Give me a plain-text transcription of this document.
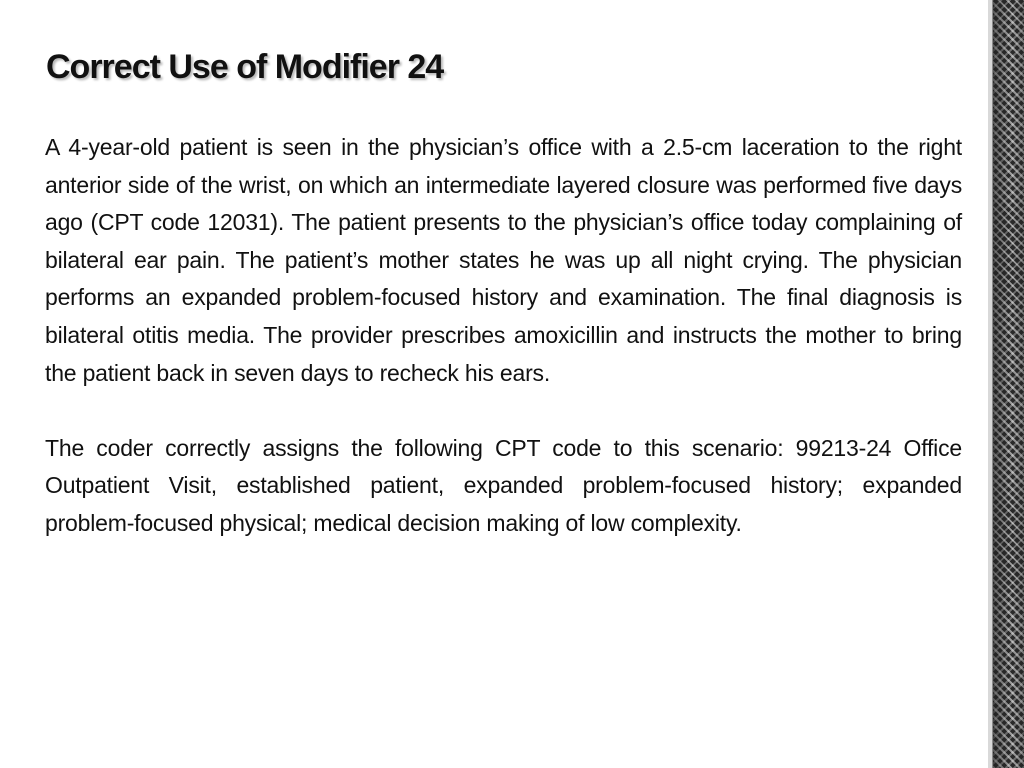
Correct Use of Modifier 24

A 4-year-old patient is seen in the physician’s office with a 2.5-cm laceration to the right anterior side of the wrist, on which an intermediate layered closure was performed five days ago (CPT code 12031). The patient presents to the physician’s office today complaining of bilateral ear pain. The patient’s mother states he was up all night crying. The physician performs an expanded problem-focused history and examination. The final diagnosis is bilateral otitis media. The provider prescribes amoxicillin and instructs the mother to bring the patient back in seven days to recheck his ears.

The coder correctly assigns the following CPT code to this scenario: 99213-24 Office Outpatient Visit, established patient, expanded problem-focused history; expanded problem-focused physical; medical decision making of low complexity.
